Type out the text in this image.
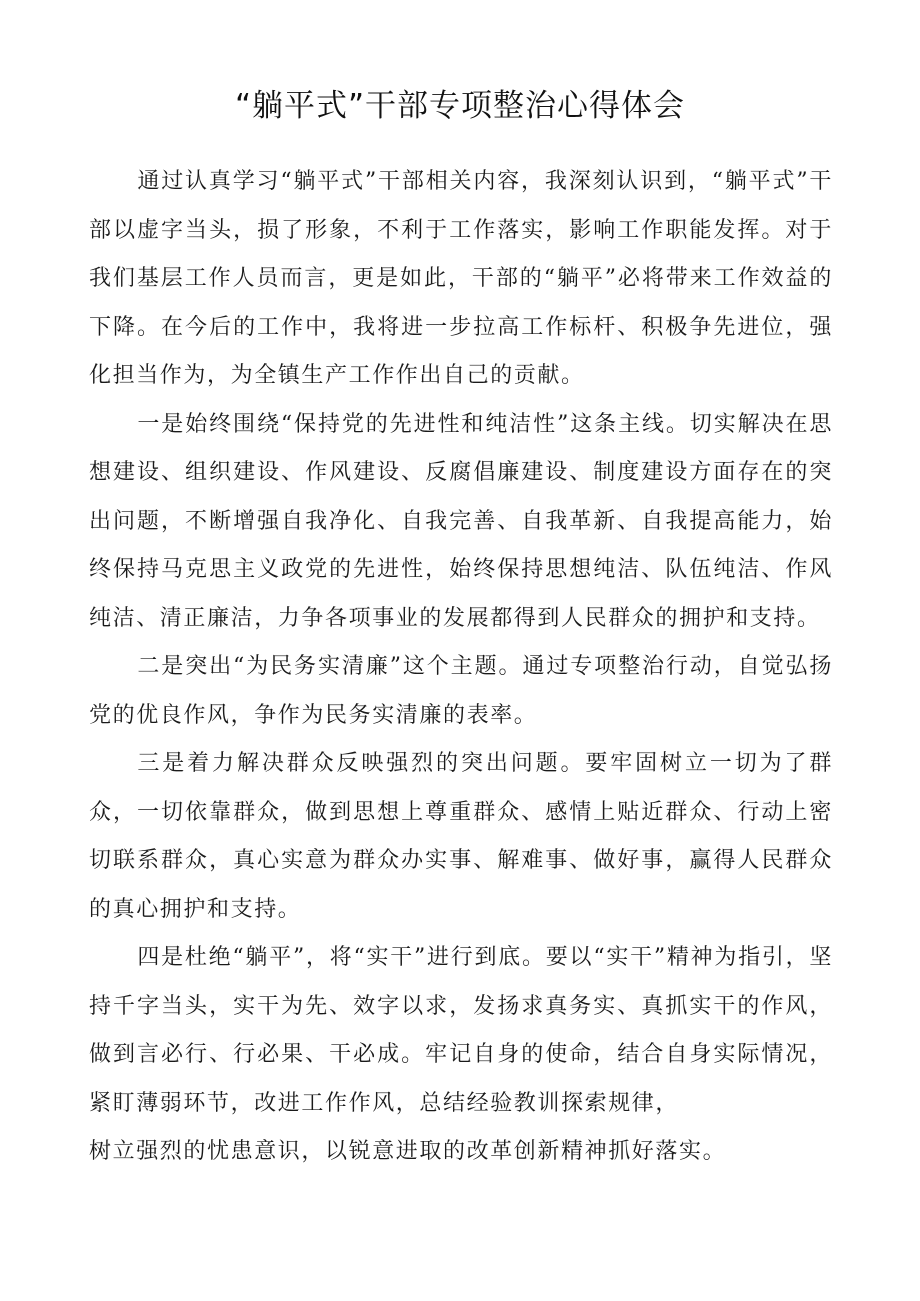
“躺平式”干部专项整治心得体会

通过认真学习“躺平式”干部相关内容，我深刻认识到，“躺平式”干部以虚字当头，损了形象，不利于工作落实，影响工作职能发挥。对于我们基层工作人员而言，更是如此，干部的“躺平”必将带来工作效益的下降。在今后的工作中，我将进一步拉高工作标杆、积极争先进位，强化担当作为，为全镇生产工作作出自己的贡献。

一是始终围绕“保持党的先进性和纯洁性”这条主线。切实解决在思想建设、组织建设、作风建设、反腐倡廉建设、制度建设方面存在的突出问题，不断增强自我净化、自我完善、自我革新、自我提高能力，始终保持马克思主义政党的先进性，始终保持思想纯洁、队伍纯洁、作风纯洁、清正廉洁，力争各项事业的发展都得到人民群众的拥护和支持。

二是突出“为民务实清廉”这个主题。通过专项整治行动，自觉弘扬党的优良作风，争作为民务实清廉的表率。

三是着力解决群众反映强烈的突出问题。要牢固树立一切为了群众，一切依靠群众，做到思想上尊重群众、感情上贴近群众、行动上密切联系群众，真心实意为群众办实事、解难事、做好事，赢得人民群众的真心拥护和支持。

四是杜绝“躺平”，将“实干”进行到底。要以“实干”精神为指引，坚持千字当头，实干为先、效字以求，发扬求真务实、真抓实干的作风，做到言必行、行必果、干必成。牢记自身的使命，结合自身实际情况，紧盯薄弱环节，改进工作作风，总结经验教训探索规律，

树立强烈的忧患意识，以锐意进取的改革创新精神抓好落实。
